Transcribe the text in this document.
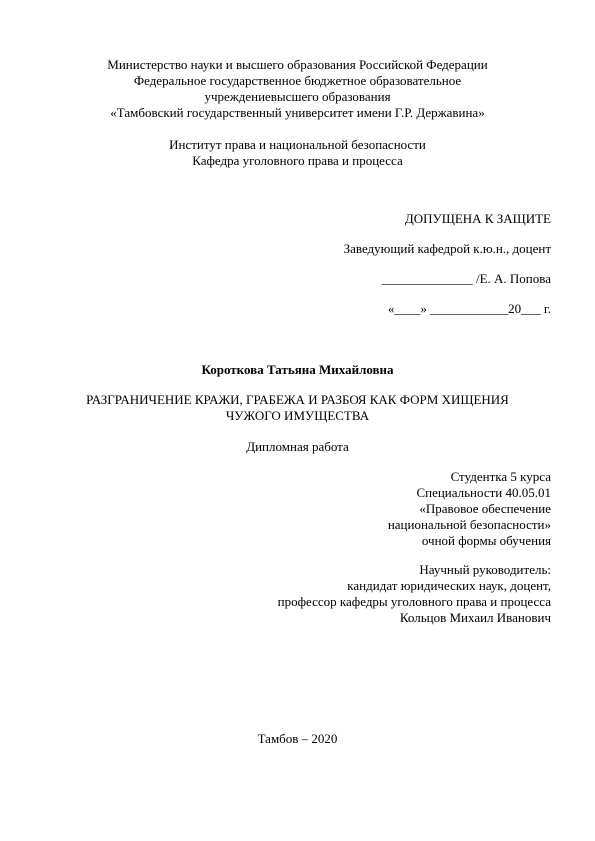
Министерство науки и высшего образования Российской Федерации
Федеральное государственное бюджетное образовательное
учреждениевысшего образования
«Тамбовский государственный университет имени Г.Р. Державина»
Институт права и национальной безопасности
Кафедра уголовного права и процесса
ДОПУЩЕНА К ЗАЩИТЕ
Заведующий кафедрой к.ю.н., доцент
______________ /Е. А. Попова
«____» ____________20___ г.
Короткова Татьяна Михайловна
РАЗГРАНИЧЕНИЕ КРАЖИ, ГРАБЕЖА И РАЗБОЯ КАК ФОРМ ХИЩЕНИЯ
ЧУЖОГО ИМУЩЕСТВА
Дипломная работа
Студентка 5 курса
Специальности 40.05.01
«Правовое обеспечение
национальной безопасности»
очной формы обучения
Научный руководитель:
кандидат юридических наук, доцент,
профессор кафедры уголовного права и процесса
Кольцов Михаил Иванович
Тамбов – 2020
